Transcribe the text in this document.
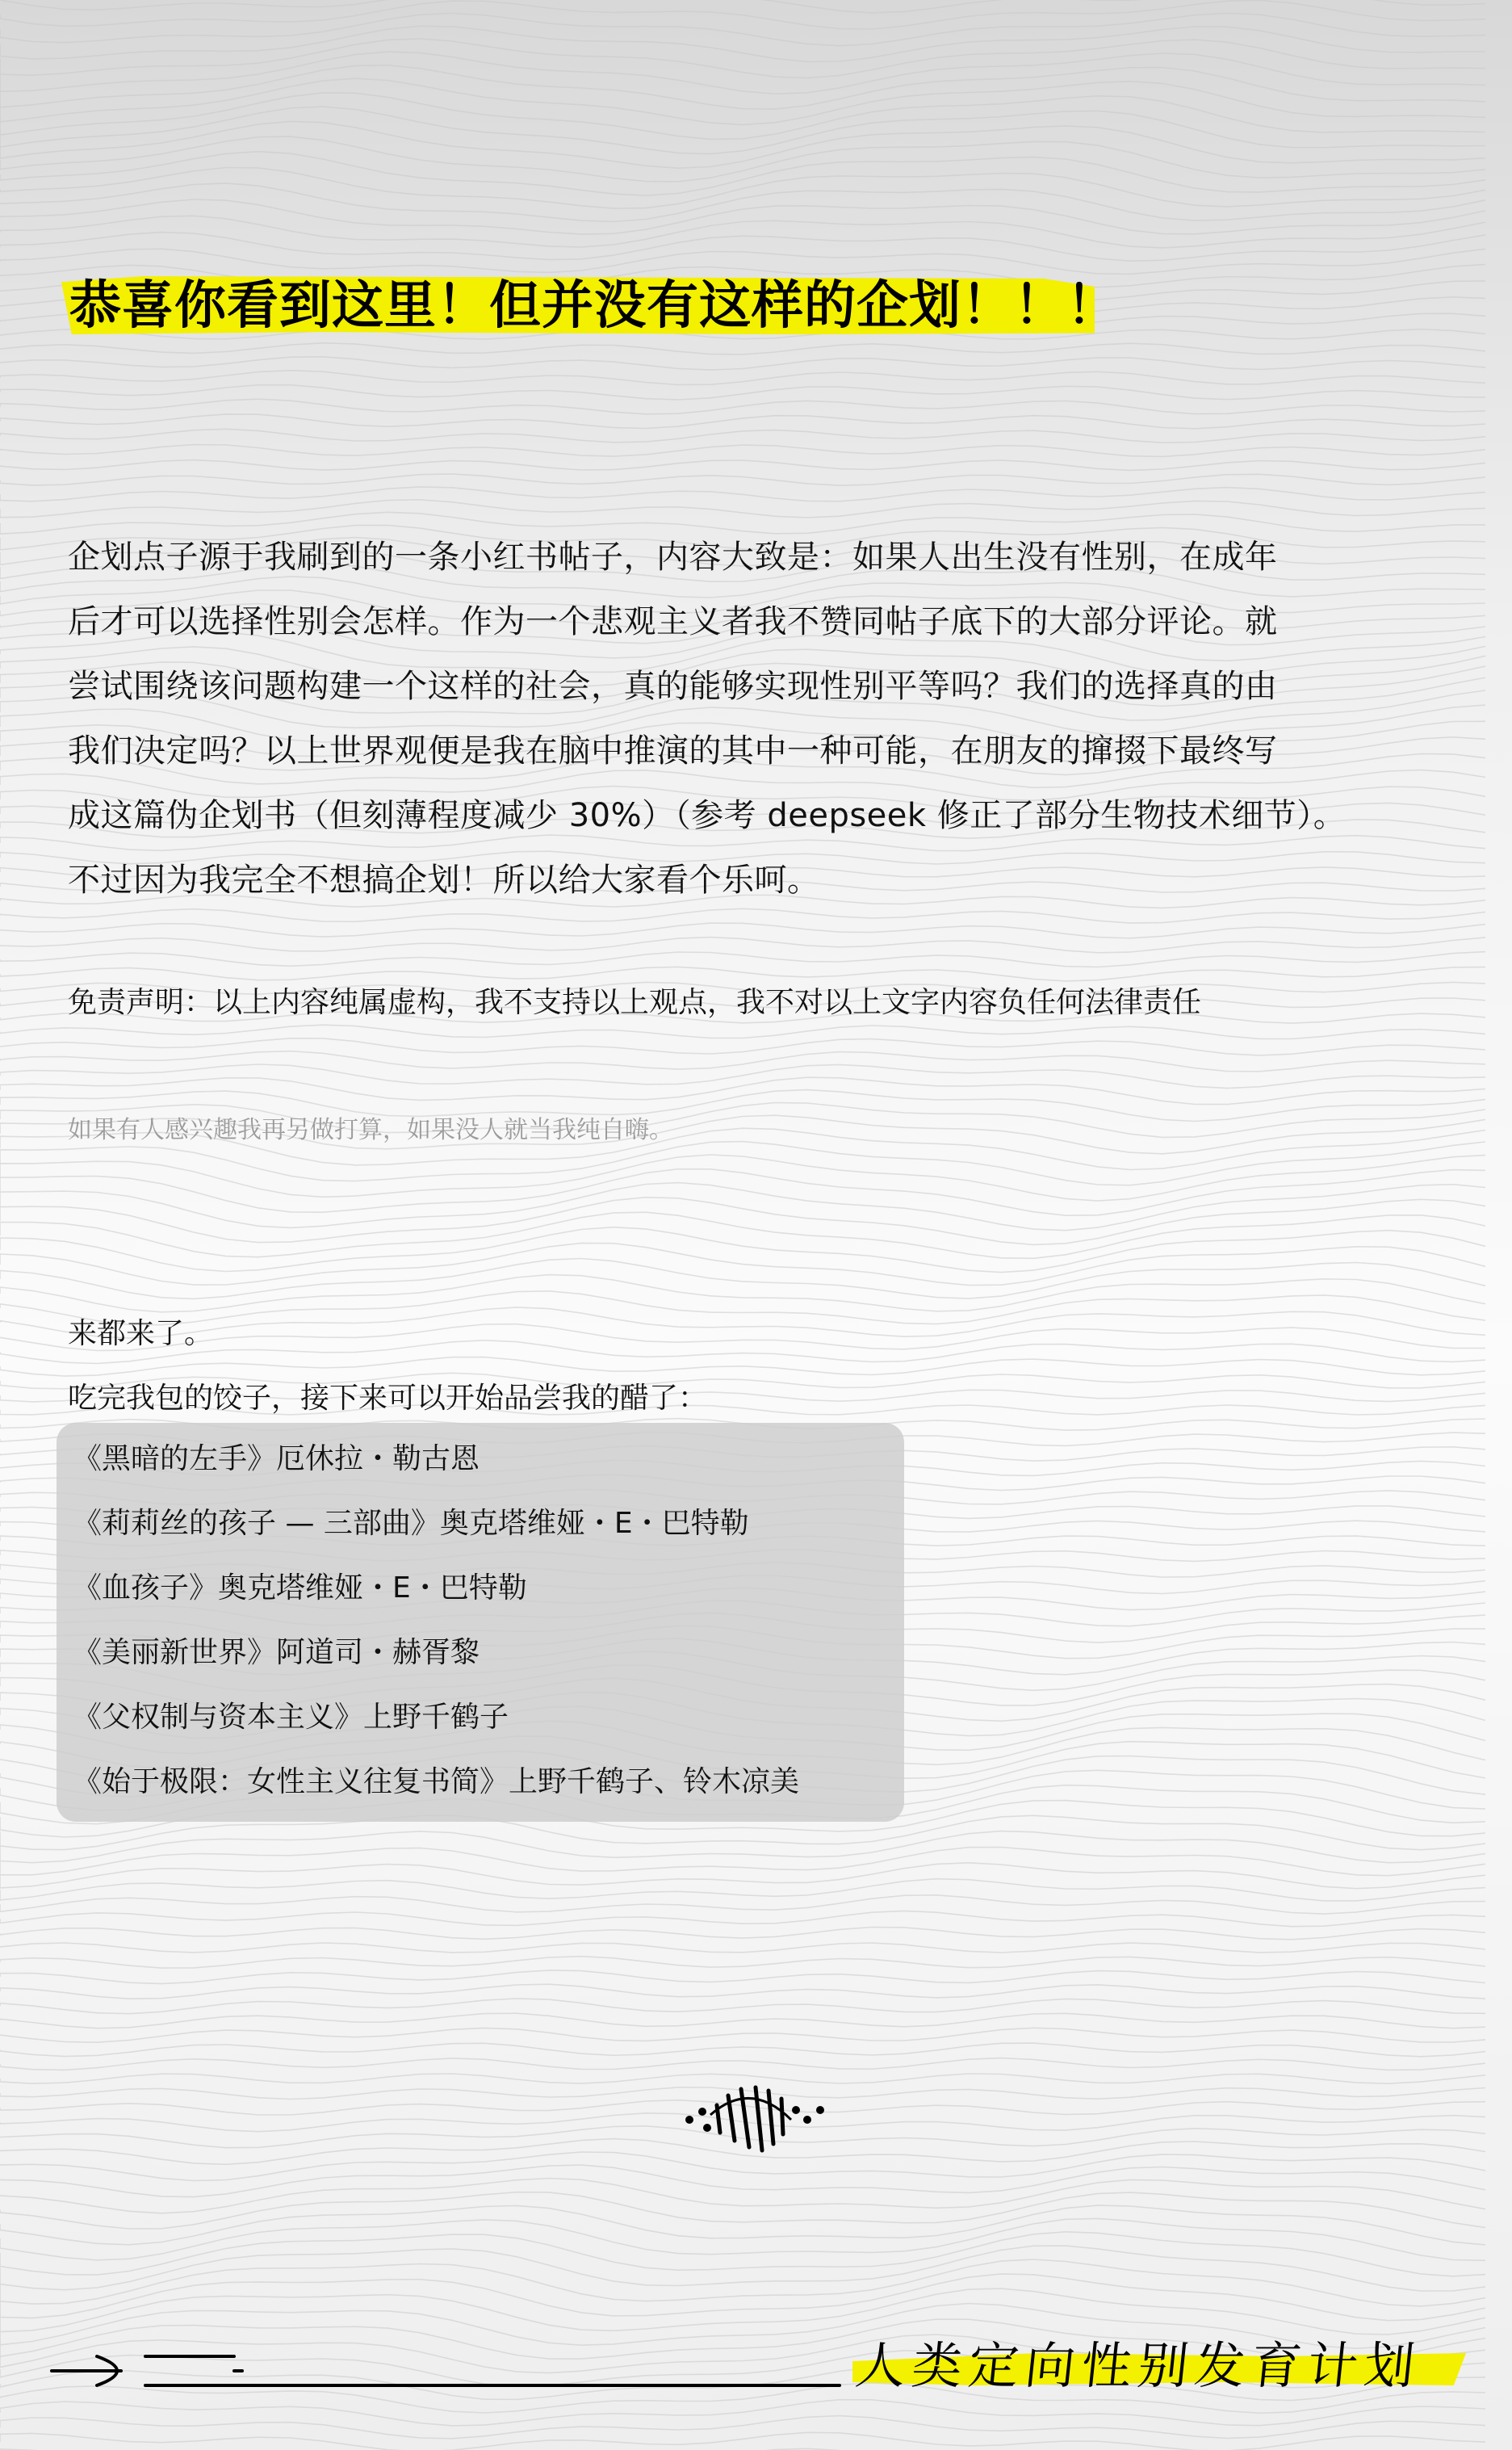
恭喜你看到这里！但并没有这样的企划！！！
企划点子源于我刷到的一条小红书帖子，内容大致是：如果人出生没有性别，在成年
后才可以选择性别会怎样。作为一个悲观主义者我不赞同帖子底下的大部分评论。就
尝试围绕该问题构建一个这样的社会，真的能够实现性别平等吗？我们的选择真的由
我们决定吗？以上世界观便是我在脑中推演的其中一种可能，在朋友的撺掇下最终写
成这篇伪企划书（但刻薄程度减少 30%）（参考 deepseek 修正了部分生物技术细节）。
不过因为我完全不想搞企划！所以给大家看个乐呵。
免责声明：以上内容纯属虚构，我不支持以上观点，我不对以上文字内容负任何法律责任
如果有人感兴趣我再另做打算，如果没人就当我纯自嗨。
来都来了。
吃完我包的饺子，接下来可以开始品尝我的醋了：
《黑暗的左手》厄休拉・勒古恩
《莉莉丝的孩子 — 三部曲》奥克塔维娅・E・巴特勒
《血孩子》奥克塔维娅・E・巴特勒
《美丽新世界》阿道司・赫胥黎
《父权制与资本主义》上野千鹤子
《始于极限：女性主义往复书简》上野千鹤子、铃木凉美
人类定向性别发育计划
